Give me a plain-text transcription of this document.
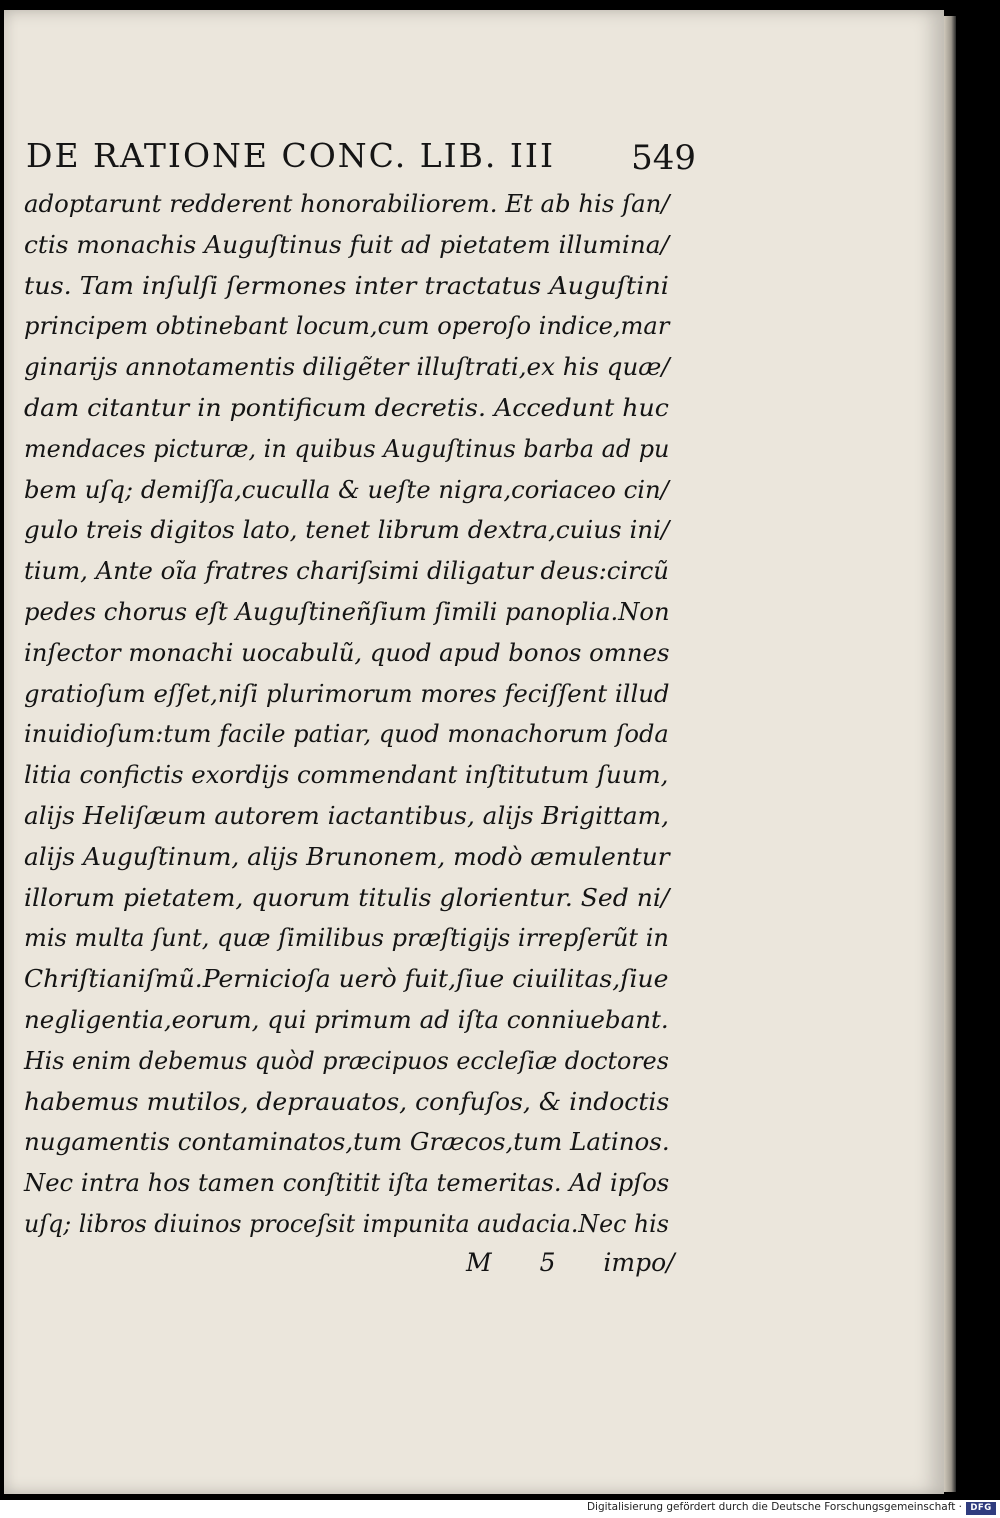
DE RATIONE CONC. LIB. III 549
adoptarunt redderent honorabiliorem. Et ab his ſan/
ctis monachis Auguſtinus fuit ad pietatem illumina/
tus. Tam inſulſi ſermones inter tractatus Auguſtini
principem obtinebant locum,cum operoſo indice,mar
ginarijs annotamentis diligẽter illuſtrati,ex his quæ/
dam citantur in pontificum decretis. Accedunt huc
mendaces picturæ, in quibus Auguſtinus barba ad pu
bem uſq; demiſſa,cuculla & ueſte nigra,coriaceo cin/
gulo treis digitos lato, tenet librum dextra,cuius ini/
tium, Ante oĩa fratres chariſsimi diligatur deus:circũ
pedes chorus eſt Auguſtineñſium ſimili panoplia.Non
inſector monachi uocabulũ, quod apud bonos omnes
gratioſum eſſet,niſi plurimorum mores feciſſent illud
inuidioſum:tum facile patiar, quod monachorum ſoda
litia confictis exordijs commendant inſtitutum ſuum,
alijs Heliſæum autorem iactantibus, alijs Brigittam,
alijs Auguſtinum, alijs Brunonem, modò æmulentur
illorum pietatem, quorum titulis glorientur. Sed ni/
mis multa ſunt, quæ ſimilibus præſtigijs irrepſerũt in
Chriſtianiſmũ.Pernicioſa uerò fuit,ſiue ciuilitas,ſiue
negligentia,eorum, qui primum ad iſta conniuebant.
His enim debemus quòd præcipuos eccleſiæ doctores
habemus mutilos, deprauatos, confuſos, & indoctis
nugamentis contaminatos,tum Græcos,tum Latinos.
Nec intra hos tamen conſtitit iſta temeritas. Ad ipſos
uſq; libros diuinos proceſsit impunita audacia.Nec his
M 5 impo/
Digitalisierung gefördert durch die Deutsche Forschungsgemeinschaft · DFG
